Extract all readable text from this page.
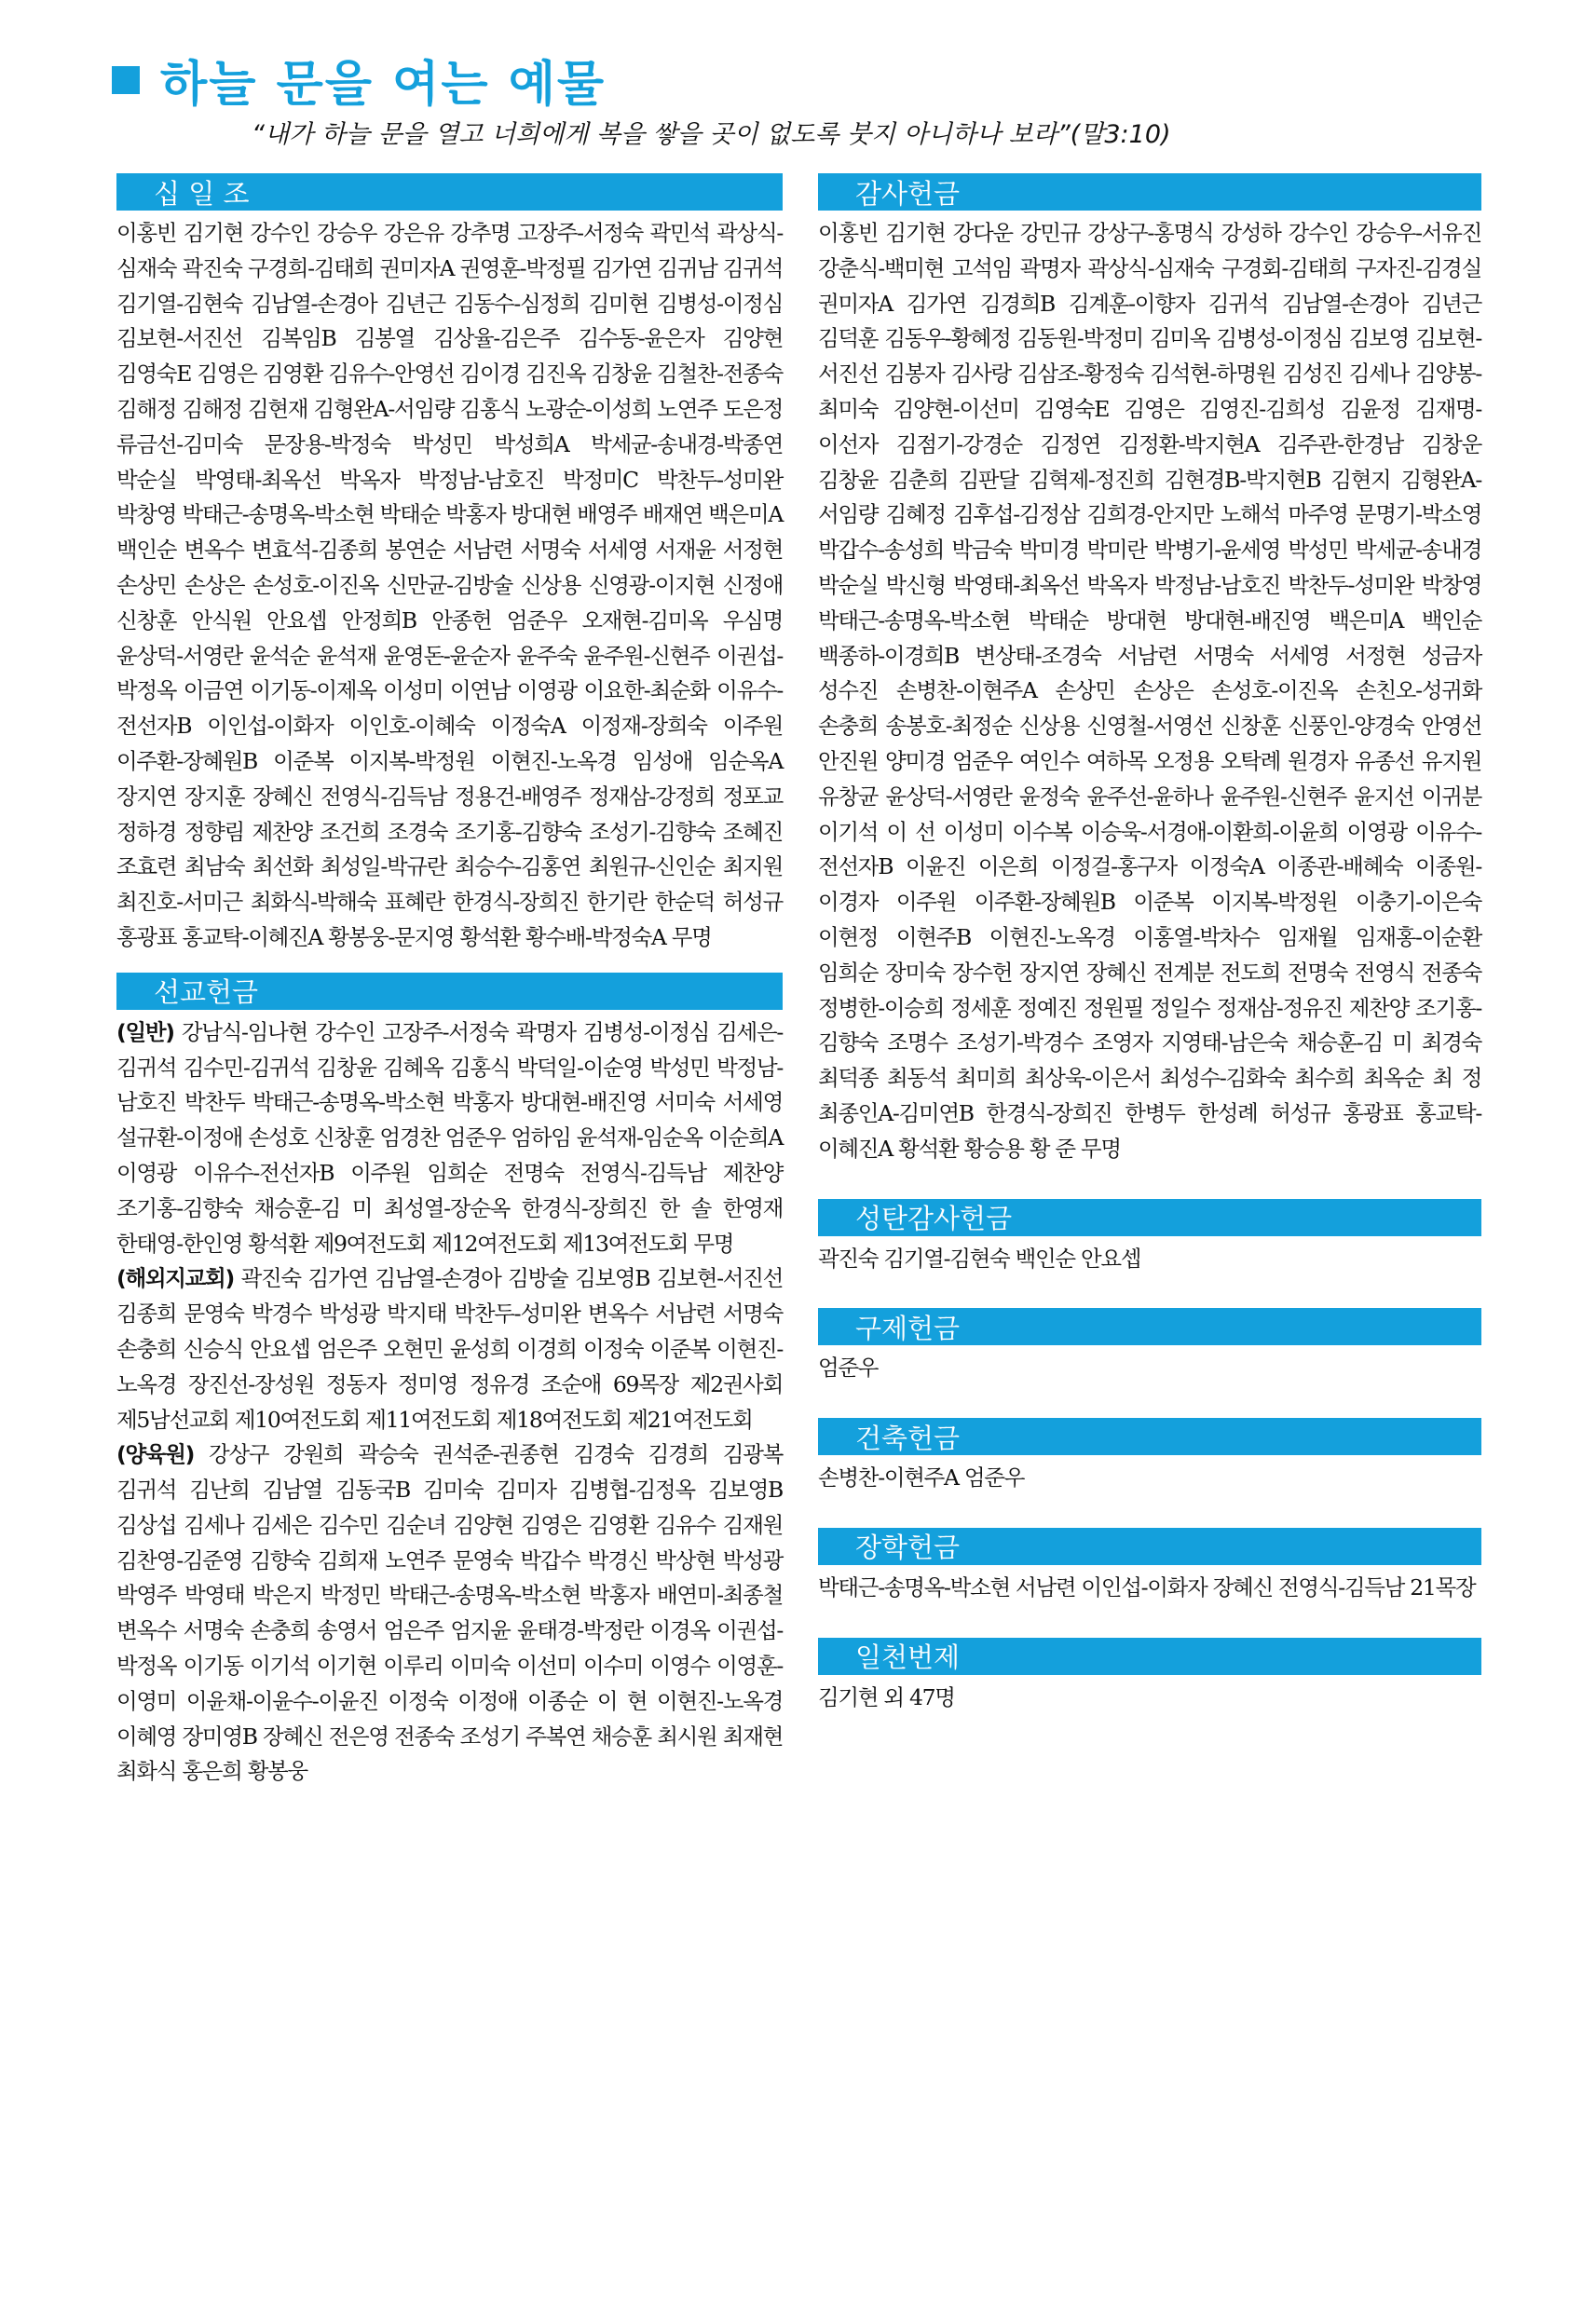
하늘 문을 여는 예물
“내가 하늘 문을 열고 너희에게 복을 쌓을 곳이 없도록 붓지 아니하나 보라”(말3:10)
십 일 조
이홍빈 김기현 강수인 강승우 강은유 강추명 고장주-서정숙 곽민석 곽상식-심재숙 곽진숙 구경희-김태희 권미자A 권영훈-박정필 김가연 김귀남 김귀석 김기열-김현숙 김남열-손경아 김년근 김동수-심정희 김미현 김병성-이정심 김보현-서진선 김복임B 김봉열 김상율-김은주 김수동-윤은자 김양현 김영숙E 김영은 김영환 김유수-안영선 김이경 김진옥 김창윤 김철찬-전종숙 김해정 김해정 김현재 김형완A-서임량 김홍식 노광순-이성희 노연주 도은정 류금선-김미숙 문장용-박정숙 박성민 박성희A 박세균-송내경-박종연 박순실 박영태-최옥선 박옥자 박정남-남호진 박정미C 박찬두-성미완 박창영 박태근-송명옥-박소현 박태순 박홍자 방대현 배영주 배재연 백은미A 백인순 변옥수 변효석-김종희 봉연순 서남련 서명숙 서세영 서재윤 서정현 손상민 손상은 손성호-이진옥 신만균-김방술 신상용 신영광-이지현 신정애 신창훈 안식원 안요셉 안정희B 안종헌 엄준우 오재현-김미옥 우심명 윤상덕-서영란 윤석순 윤석재 윤영돈-윤순자 윤주숙 윤주원-신현주 이권섭-박정옥 이금연 이기동-이제옥 이성미 이연남 이영광 이요한-최순화 이유수-전선자B 이인섭-이화자 이인호-이혜숙 이정숙A 이정재-장희숙 이주원 이주환-장혜원B 이준복 이지복-박정원 이현진-노옥경 임성애 임순옥A 장지연 장지훈 장혜신 전영식-김득남 정용건-배영주 정재삼-강정희 정포교 정하경 정향림 제찬양 조건희 조경숙 조기홍-김향숙 조성기-김향숙 조혜진 조효련 최남숙 최선화 최성일-박규란 최승수-김홍연 최원규-신인순 최지원 최진호-서미근 최화식-박해숙 표혜란 한경식-장희진 한기란 한순덕 허성규 홍광표 홍교탁-이혜진A 황봉웅-문지영 황석환 황수배-박정숙A 무명
선교헌금
(일반) 강남식-임나현 강수인 고장주-서정숙 곽명자 김병성-이정심 김세은-김귀석 김수민-김귀석 김창윤 김혜옥 김홍식 박덕일-이순영 박성민 박정남-남호진 박찬두 박태근-송명옥-박소현 박홍자 방대현-배진영 서미숙 서세영 설규환-이정애 손성호 신창훈 엄경찬 엄준우 엄하임 윤석재-임순옥 이순희A 이영광 이유수-전선자B 이주원 임희순 전명숙 전영식-김득남 제찬양 조기홍-김향숙 채승훈-김 미 최성열-장순옥 한경식-장희진 한 솔 한영재 한태영-한인영 황석환 제9여전도회 제12여전도회 제13여전도회 무명
(해외지교회) 곽진숙 김가연 김남열-손경아 김방술 김보영B 김보현-서진선 김종희 문영숙 박경수 박성광 박지태 박찬두-성미완 변옥수 서남련 서명숙 손충희 신승식 안요셉 엄은주 오현민 윤성희 이경희 이정숙 이준복 이현진-노옥경 장진선-장성원 정동자 정미영 정유경 조순애 69목장 제2권사회 제5남선교회 제10여전도회 제11여전도회 제18여전도회 제21여전도회
(양육원) 강상구 강원희 곽승숙 권석준-권종현 김경숙 김경희 김광복 김귀석 김난희 김남열 김동국B 김미숙 김미자 김병협-김정옥 김보영B 김상섭 김세나 김세은 김수민 김순녀 김양현 김영은 김영환 김유수 김재원 김찬영-김준영 김향숙 김희재 노연주 문영숙 박갑수 박경신 박상현 박성광 박영주 박영태 박은지 박정민 박태근-송명옥-박소현 박홍자 배연미-최종철 변옥수 서명숙 손충희 송영서 엄은주 엄지윤 윤태경-박정란 이경옥 이권섭-박정옥 이기동 이기석 이기현 이루리 이미숙 이선미 이수미 이영수 이영훈-이영미 이윤채-이윤수-이윤진 이정숙 이정애 이종순 이 현 이현진-노옥경 이혜영 장미영B 장혜신 전은영 전종숙 조성기 주복연 채승훈 최시원 최재현 최화식 홍은희 황봉웅
감사헌금
이홍빈 김기현 강다운 강민규 강상구-홍명식 강성하 강수인 강승우-서유진 강춘식-백미현 고석임 곽명자 곽상식-심재숙 구경회-김태희 구자진-김경실 권미자A 김가연 김경희B 김계훈-이향자 김귀석 김남열-손경아 김년근 김덕훈 김동우-황혜정 김동원-박정미 김미옥 김병성-이정심 김보영 김보현-서진선 김봉자 김사랑 김삼조-황정숙 김석현-하명원 김성진 김세나 김양봉-최미숙 김양현-이선미 김영숙E 김영은 김영진-김희성 김윤정 김재명-이선자 김점기-강경순 김정연 김정환-박지현A 김주관-한경남 김창운 김창윤 김춘희 김판달 김혁제-정진희 김현경B-박지현B 김현지 김형완A-서임량 김혜정 김후섭-김정삼 김희경-안지만 노해석 마주영 문명기-박소영 박갑수-송성희 박금숙 박미경 박미란 박병기-윤세영 박성민 박세균-송내경 박순실 박신형 박영태-최옥선 박옥자 박정남-남호진 박찬두-성미완 박창영 박태근-송명옥-박소현 박태순 방대현 방대현-배진영 백은미A 백인순 백종하-이경희B 변상태-조경숙 서남련 서명숙 서세영 서정현 성금자 성수진 손병찬-이현주A 손상민 손상은 손성호-이진옥 손친오-성귀화 손충희 송봉호-최정순 신상용 신영철-서영선 신창훈 신풍인-양경숙 안영선 안진원 양미경 엄준우 여인수 여하목 오정용 오탁례 원경자 유종선 유지원 유창균 윤상덕-서영란 윤정숙 윤주선-윤하나 윤주원-신현주 윤지선 이귀분 이기석 이 선 이성미 이수복 이승욱-서경애-이환희-이윤희 이영광 이유수-전선자B 이윤진 이은희 이정걸-홍구자 이정숙A 이종관-배혜숙 이종원-이경자 이주원 이주환-장혜원B 이준복 이지복-박정원 이충기-이은숙 이현정 이현주B 이현진-노옥경 이홍열-박차수 임재월 임재홍-이순환 임희순 장미숙 장수헌 장지연 장혜신 전계분 전도희 전명숙 전영식 전종숙 정병한-이승희 정세훈 정예진 정원필 정일수 정재삼-정유진 제찬양 조기홍-김향숙 조명수 조성기-박경수 조영자 지영태-남은숙 채승훈-김 미 최경숙 최덕종 최동석 최미희 최상욱-이은서 최성수-김화숙 최수희 최옥순 최 정 최종인A-김미연B 한경식-장희진 한병두 한성례 허성규 홍광표 홍교탁-이혜진A 황석환 황승용 황 준 무명
성탄감사헌금
곽진숙 김기열-김현숙 백인순 안요셉
구제헌금
엄준우
건축헌금
손병찬-이현주A 엄준우
장학헌금
박태근-송명옥-박소현 서남련 이인섭-이화자 장혜신 전영식-김득남 21목장
일천번제
김기현 외 47명
